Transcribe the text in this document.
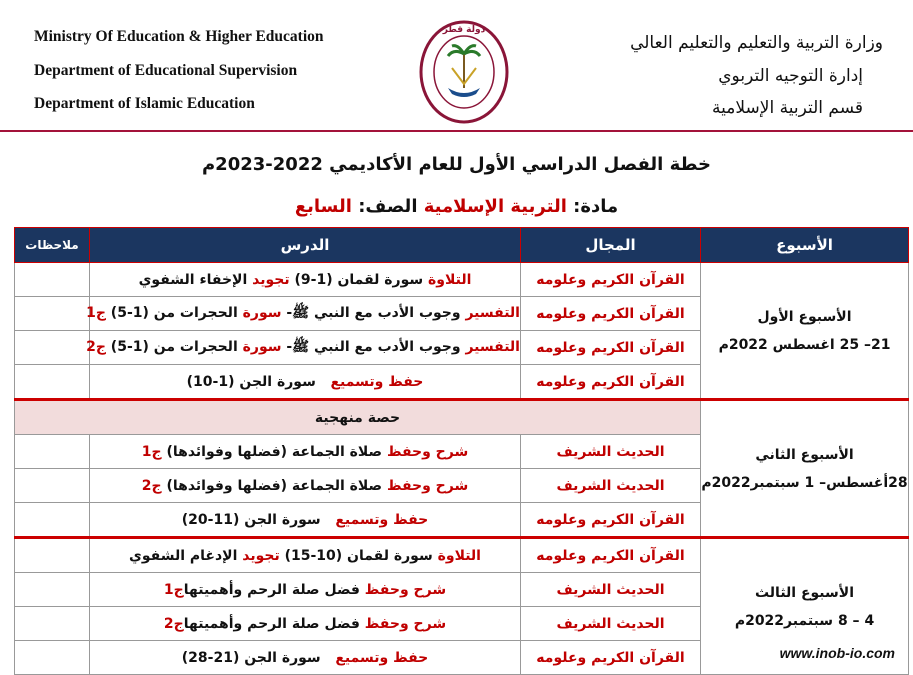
Ministry Of Education & Higher Education
Department of Educational Supervision
Department of Islamic Education
دولة قطر
وزارة التربية والتعليم والتعليم العالي
إدارة التوجيه التربوي
قسم التربية الإسلامية
خطة الفصل الدراسي الأول للعام الأكاديمي 2022-2023م
مادة: التربية الإسلامية الصف: السابع
الأسبوع	المجال	الدرس	ملاحظات

الأسبوع الأول
21– 25 اغسطس 2022م	القرآن الكريم وعلومه	التلاوة سورة لقمان (1-9) تجويد الإخفاء الشفوي	
	القرآن الكريم وعلومه	التفسير وجوب الأدب مع النبي ﷺ- سورة الحجرات من (1-5) ج1	
	القرآن الكريم وعلومه	التفسير وجوب الأدب مع النبي ﷺ- سورة الحجرات من (1-5) ج2	
	القرآن الكريم وعلومه	حفظ وتسميع   سورة الجن (1-10)	

الأسبوع الثاني
28أغسطس– 1 سبتمبر2022م	حصة منهجية		
	الحديث الشريف	شرح وحفظ صلاة الجماعة (فضلها وفوائدها) ج1	
	الحديث الشريف	شرح وحفظ صلاة الجماعة (فضلها وفوائدها) ج2	
	القرآن الكريم وعلومه	حفظ وتسميع   سورة الجن (11-20)	

الأسبوع الثالث
4 – 8 سبتمبر2022م	القرآن الكريم وعلومه	التلاوة سورة لقمان (10-15) تجويد الإدغام الشفوي	
	الحديث الشريف	شرح وحفظ فضل صلة الرحم وأهميتهاج1	
	الحديث الشريف	شرح وحفظ فضل صلة الرحم وأهميتهاج2	
	القرآن الكريم وعلومه	حفظ وتسميع   سورة الجن (21-28)		www.inob-io.com
